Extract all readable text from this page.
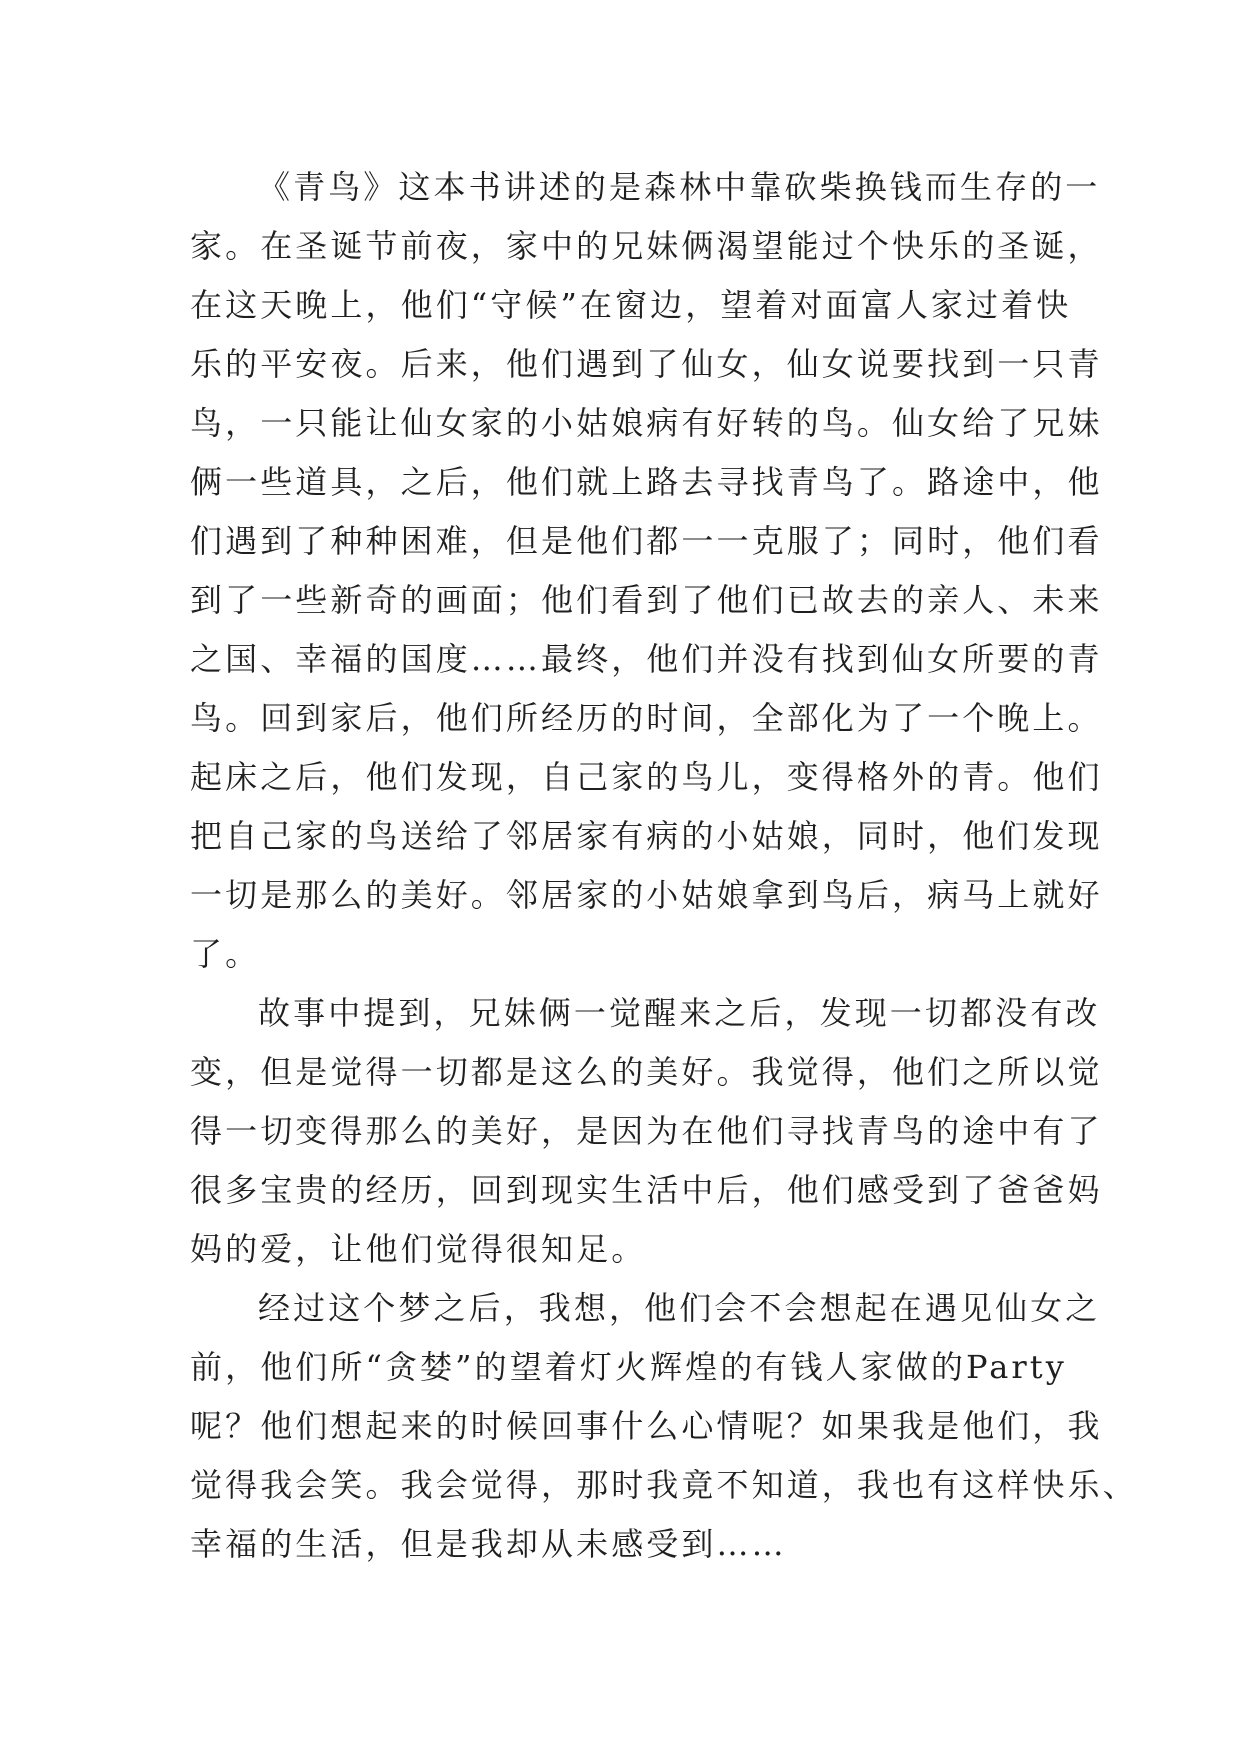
《青鸟》这本书讲述的是森林中靠砍柴换钱而生存的一
家。在圣诞节前夜，家中的兄妹俩渴望能过个快乐的圣诞，
在这天晚上，他们“守候”在窗边，望着对面富人家过着快
乐的平安夜。后来，他们遇到了仙女，仙女说要找到一只青
鸟，一只能让仙女家的小姑娘病有好转的鸟。仙女给了兄妹
俩一些道具，之后，他们就上路去寻找青鸟了。路途中，他
们遇到了种种困难，但是他们都一一克服了；同时，他们看
到了一些新奇的画面；他们看到了他们已故去的亲人、未来
之国、幸福的国度……最终，他们并没有找到仙女所要的青
鸟。回到家后，他们所经历的时间，全部化为了一个晚上。
起床之后，他们发现，自己家的鸟儿，变得格外的青。他们
把自己家的鸟送给了邻居家有病的小姑娘，同时，他们发现
一切是那么的美好。邻居家的小姑娘拿到鸟后，病马上就好
了。
故事中提到，兄妹俩一觉醒来之后，发现一切都没有改
变，但是觉得一切都是这么的美好。我觉得，他们之所以觉
得一切变得那么的美好，是因为在他们寻找青鸟的途中有了
很多宝贵的经历，回到现实生活中后，他们感受到了爸爸妈
妈的爱，让他们觉得很知足。
经过这个梦之后，我想，他们会不会想起在遇见仙女之
前，他们所“贪婪”的望着灯火辉煌的有钱人家做的Party
呢？他们想起来的时候回事什么心情呢？如果我是他们，我
觉得我会笑。我会觉得，那时我竟不知道，我也有这样快乐、
幸福的生活，但是我却从未感受到……
